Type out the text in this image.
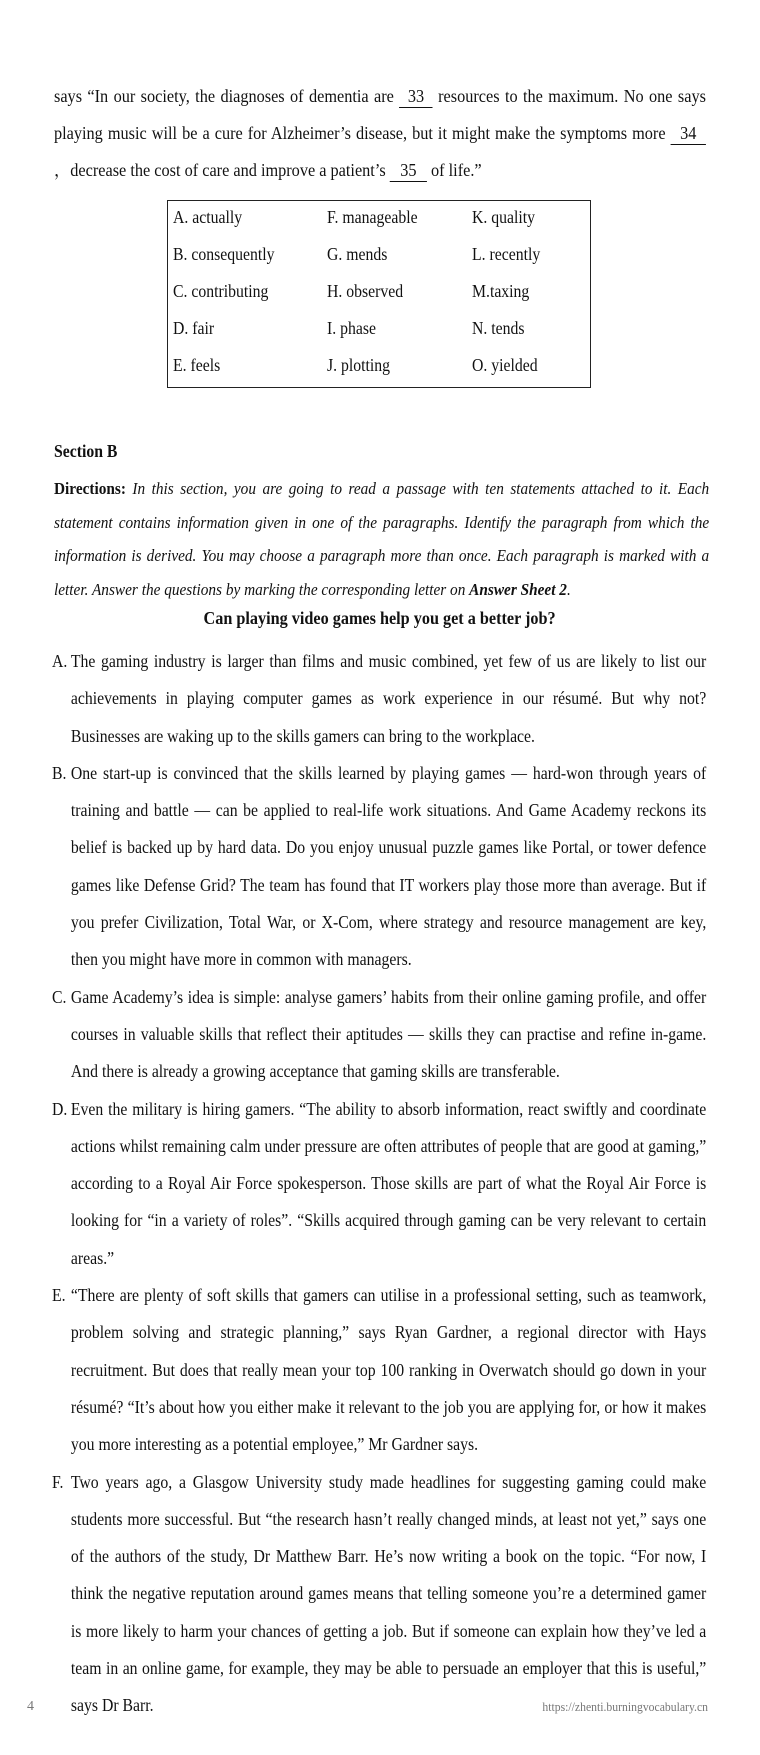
says “In our society, the diagnoses of dementia are 33 resources to the maximum. No one says playing music will be a cure for Alzheimer’s disease, but it might make the symptoms more 34，decrease the cost of care and improve a patient’s 35 of life.”
A. actually	F. manageable	K. quality
B. consequently	G. mends	L. recently
C. contributing	H. observed	M.taxing
D. fair	I. phase	N. tends
E. feels	J. plotting	O. yielded
Section B
Directions: In this section, you are going to read a passage with ten statements attached to it. Each statement contains information given in one of the paragraphs. Identify the paragraph from which the information is derived. You may choose a paragraph more than once. Each paragraph is marked with a letter. Answer the questions by marking the corresponding letter on Answer Sheet 2.
Can playing video games help you get a better job?
A. The gaming industry is larger than films and music combined, yet few of us are likely to list our achievements in playing computer games as work experience in our résumé. But why not? Businesses are waking up to the skills gamers can bring to the workplace.
B. One start-up is convinced that the skills learned by playing games — hard-won through years of training and battle — can be applied to real-life work situations. And Game Academy reckons its belief is backed up by hard data. Do you enjoy unusual puzzle games like Portal, or tower defence games like Defense Grid? The team has found that IT workers play those more than average. But if you prefer Civilization, Total War, or X-Com, where strategy and resource management are key, then you might have more in common with managers.
C. Game Academy’s idea is simple: analyse gamers’ habits from their online gaming profile, and offer courses in valuable skills that reflect their aptitudes — skills they can practise and refine in-game. And there is already a growing acceptance that gaming skills are transferable.
D. Even the military is hiring gamers. “The ability to absorb information, react swiftly and coordinate actions whilst remaining calm under pressure are often attributes of people that are good at gaming,” according to a Royal Air Force spokesperson. Those skills are part of what the Royal Air Force is looking for “in a variety of roles”. “Skills acquired through gaming can be very relevant to certain areas.”
E. “There are plenty of soft skills that gamers can utilise in a professional setting, such as teamwork, problem solving and strategic planning,” says Ryan Gardner, a regional director with Hays recruitment. But does that really mean your top 100 ranking in Overwatch should go down in your résumé? “It’s about how you either make it relevant to the job you are applying for, or how it makes you more interesting as a potential employee,” Mr Gardner says.
F. Two years ago, a Glasgow University study made headlines for suggesting gaming could make students more successful. But “the research hasn’t really changed minds, at least not yet,” says one of the authors of the study, Dr Matthew Barr. He’s now writing a book on the topic. “For now, I think the negative reputation around games means that telling someone you’re a determined gamer is more likely to harm your chances of getting a job. But if someone can explain how they’ve led a team in an online game, for example, they may be able to persuade an employer that this is useful,” says Dr Barr.
4	https://zhenti.burningvocabulary.cn
